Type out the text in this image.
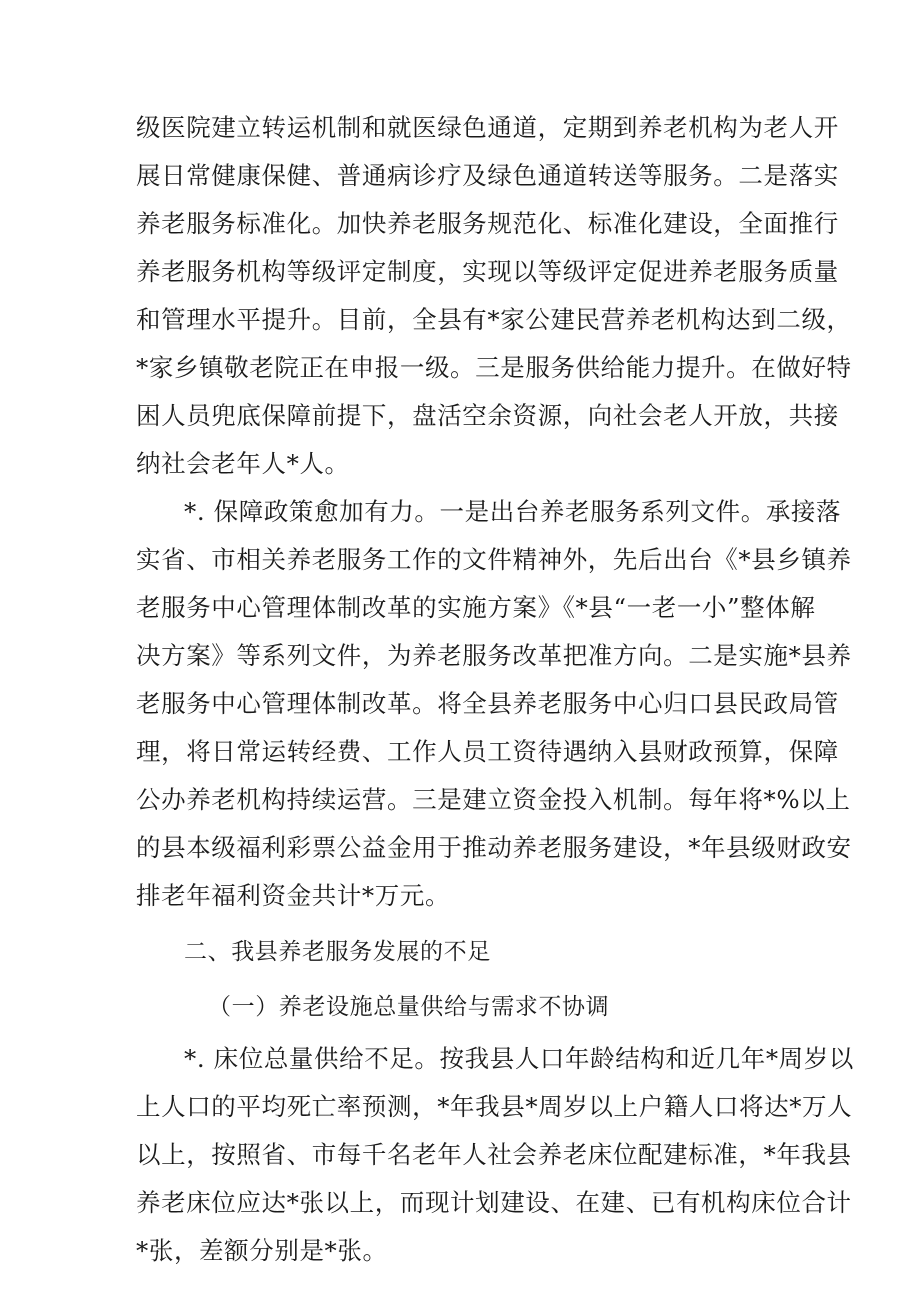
级医院建立转运机制和就医绿色通道，定期到养老机构为老人开
展日常健康保健、普通病诊疗及绿色通道转送等服务。二是落实
养老服务标准化。加快养老服务规范化、标准化建设，全面推行
养老服务机构等级评定制度，实现以等级评定促进养老服务质量
和管理水平提升。目前，全县有*家公建民营养老机构达到二级，
*家乡镇敬老院正在申报一级。三是服务供给能力提升。在做好特
困人员兜底保障前提下，盘活空余资源，向社会老人开放，共接
纳社会老年人*人。
*. 保障政策愈加有力。一是出台养老服务系列文件。承接落
实省、市相关养老服务工作的文件精神外，先后出台《*县乡镇养
老服务中心管理体制改革的实施方案》《*县“一老一小”整体解
决方案》等系列文件，为养老服务改革把准方向。二是实施*县养
老服务中心管理体制改革。将全县养老服务中心归口县民政局管
理，将日常运转经费、工作人员工资待遇纳入县财政预算，保障
公办养老机构持续运营。三是建立资金投入机制。每年将*%以上
的县本级福利彩票公益金用于推动养老服务建设，*年县级财政安
排老年福利资金共计*万元。
二、我县养老服务发展的不足
（一）养老设施总量供给与需求不协调
*. 床位总量供给不足。按我县人口年龄结构和近几年*周岁以
上人口的平均死亡率预测，*年我县*周岁以上户籍人口将达*万人
以上，按照省、市每千名老年人社会养老床位配建标准，*年我县
养老床位应达*张以上，而现计划建设、在建、已有机构床位合计
*张，差额分别是*张。
